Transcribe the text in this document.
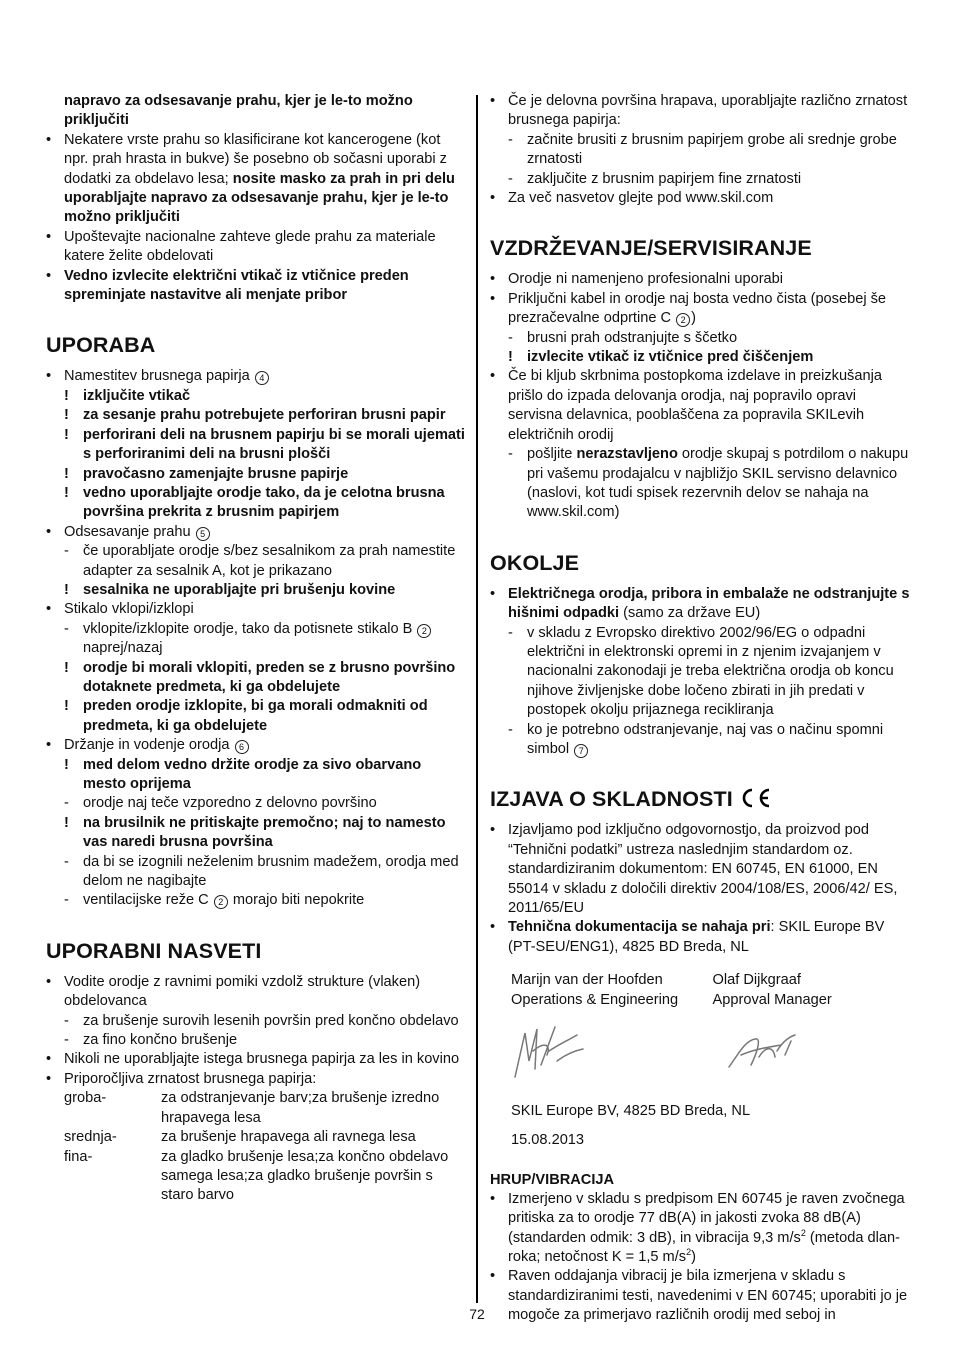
napravo za odsesavanje prahu, kjer je le-to možno priključiti
• Nekatere vrste prahu so klasificirane kot kancerogene (kot npr. prah hrasta in bukve) še posebno ob sočasni uporabi z dodatki za obdelavo lesa; nosite masko za prah in pri delu uporabljajte napravo za odsesavanje prahu, kjer je le-to možno priključiti
• Upoštevajte nacionalne zahteve glede prahu za materiale katere želite obdelovati
• Vedno izvlecite električni vtikač iz vtičnice preden spreminjate nastavitve ali menjate pribor
UPORABA
• Namestitev brusnega papirja 4
! izključite vtikač
! za sesanje prahu potrebujete perforiran brusni papir
! perforirani deli na brusnem papirju bi se morali ujemati s perforiranimi deli na brusni plošči
! pravočasno zamenjajte brusne papirje
! vedno uporabljajte orodje tako, da je celotna brusna površina prekrita z brusnim papirjem
• Odsesavanje prahu 5
- če uporabljate orodje s/bez sesalnikom za prah namestite adapter za sesalnik A, kot je prikazano
! sesalnika ne uporabljajte pri brušenju kovine
• Stikalo vklopi/izklopi
- vklopite/izklopite orodje, tako da potisnete stikalo B 2 naprej/nazaj
! orodje bi morali vklopiti, preden se z brusno površino dotaknete predmeta, ki ga obdelujete
! preden orodje izklopite, bi ga morali odmakniti od predmeta, ki ga obdelujete
• Držanje in vodenje orodja 6
! med delom vedno držite orodje za sivo obarvano mesto oprijema
- orodje naj teče vzporedno z delovno površino
! na brusilnik ne pritiskajte premočno; naj to namesto vas naredi brusna površina
- da bi se izognili neželenim brusnim madežem, orodja med delom ne nagibajte
- ventilacijske reže C 2 morajo biti nepokrite
UPORABNI NASVETI
• Vodite orodje z ravnimi pomiki vzdolž strukture (vlaken) obdelovanca
- za brušenje surovih lesenih površin pred končno obdelavo
- za fino končno brušenje
• Nikoli ne uporabljajte istega brusnega papirja za les in kovino
• Priporočljiva zrnatost brusnega papirja:
groba-	za odstranjevanje barv;za brušenje izredno hrapavega lesa
srednja-	za brušenje hrapavega ali ravnega lesa
fina-	za gladko brušenje lesa;za končno obdelavo samega lesa;za gladko brušenje površin s staro barvo
• Če je delovna površina hrapava, uporabljajte različno zrnatost brusnega papirja:
- začnite brusiti z brusnim papirjem grobe ali srednje grobe zrnatosti
- zaključite z brusnim papirjem fine zrnatosti
• Za več nasvetov glejte pod www.skil.com
VZDRŽEVANJE/SERVISIRANJE
• Orodje ni namenjeno profesionalni uporabi
• Priključni kabel in orodje naj bosta vedno čista (posebej še prezračevalne odprtine C 2 )
- brusni prah odstranjujte s ščetko
! izvlecite vtikač iz vtičnice pred čiščenjem
• Če bi kljub skrbnima postopkoma izdelave in preizkušanja prišlo do izpada delovanja orodja, naj popravilo opravi servisna delavnica, pooblaščena za popravila SKILevih električnih orodij
- pošljite nerazstavljeno orodje skupaj s potrdilom o nakupu pri vašemu prodajalcu v najbližjo SKIL servisno delavnico (naslovi, kot tudi spisek rezervnih delov se nahaja na www.skil.com)
OKOLJE
• Električnega orodja, pribora in embalaže ne odstranjujte s hišnimi odpadki (samo za države EU)
- v skladu z Evropsko direktivo 2002/96/EG o odpadni električni in elektronski opremi in z njenim izvajanjem v nacionalni zakonodaji je treba električna orodja ob koncu njihove življenjske dobe ločeno zbirati in jih predati v postopek okolju prijaznega recikliranja
- ko je potrebno odstranjevanje, naj vas o načinu spomni simbol 7
IZJAVA O SKLADNOSTI
• Izjavljamo pod izključno odgovornostjo, da proizvod pod “Tehnični podatki” ustreza naslednjim standardom oz. standardiziranim dokumentom: EN 60745, EN 61000, EN 55014 v skladu z določili direktiv 2004/108/ES, 2006/42/ ES, 2011/65/EU
• Tehnična dokumentacija se nahaja pri: SKIL Europe BV (PT-SEU/ENG1), 4825 BD Breda, NL
Marijn van der Hoofden
Operations & Engineering
Olaf Dijkgraaf
Approval Manager
SKIL Europe BV, 4825 BD Breda, NL
15.08.2013
HRUP/VIBRACIJA
• Izmerjeno v skladu s predpisom EN 60745 je raven zvočnega pritiska za to orodje 77 dB(A) in jakosti zvoka 88 dB(A) (standarden odmik: 3 dB), in vibracija 9,3 $m/s^2$ (metoda dlan-roka; netočnost K = 1,5 $m/s^2$)
• Raven oddajanja vibracij je bila izmerjena v skladu s standardiziranimi testi, navedenimi v EN 60745; uporabiti jo je mogoče za primerjavo različnih orodij med seboj in
72
